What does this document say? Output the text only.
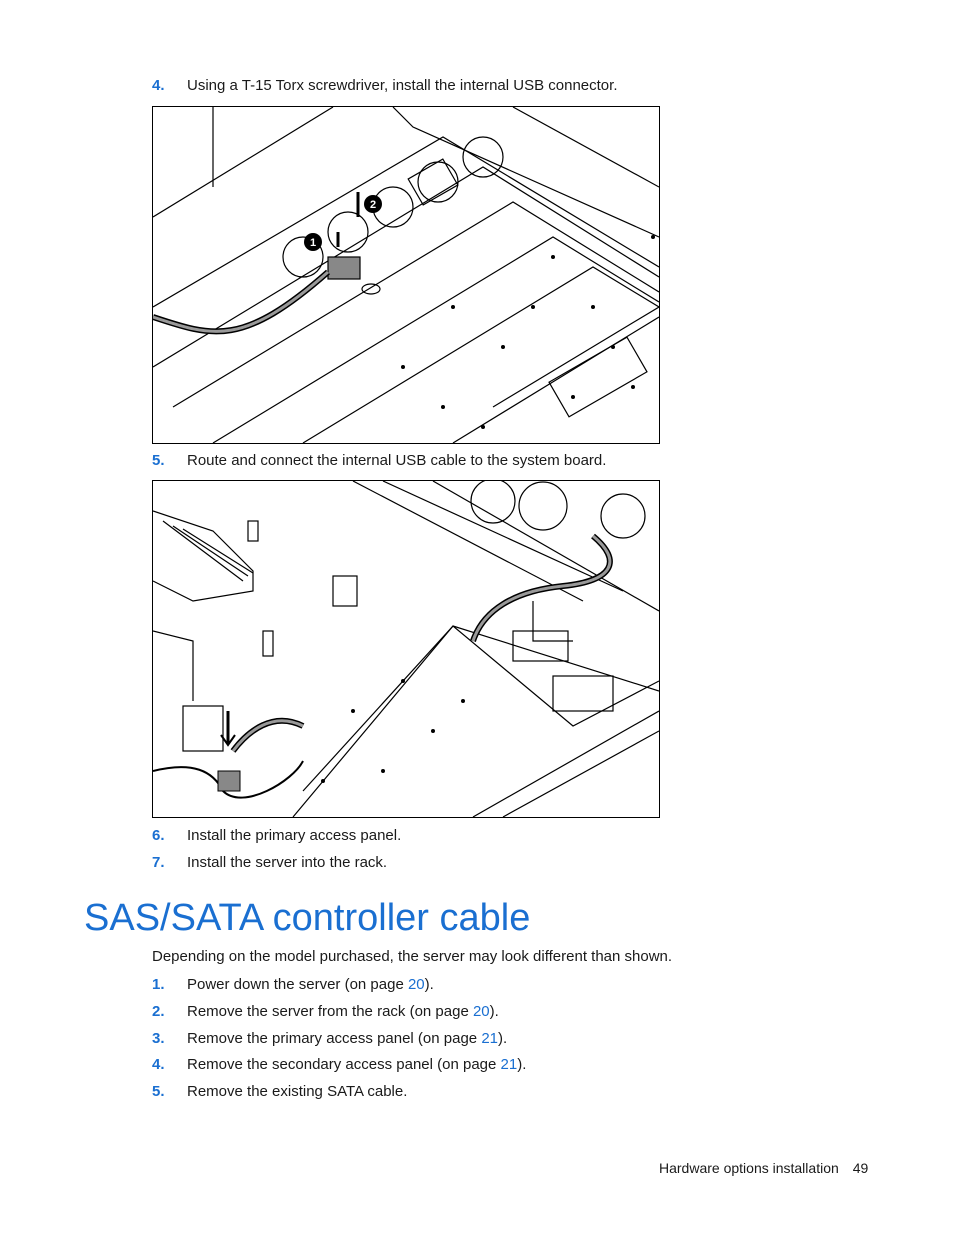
4. Using a T-15 Torx screwdriver, install the internal USB connector.
1
2
5. Route and connect the internal USB cable to the system board.
6. Install the primary access panel.
7. Install the server into the rack.
SAS/SATA controller cable
Depending on the model purchased, the server may look different than shown.
1. Power down the server (on page 20).
2. Remove the server from the rack (on page 20).
3. Remove the primary access panel (on page 21).
4. Remove the secondary access panel (on page 21).
5. Remove the existing SATA cable.
Hardware options installation 49
